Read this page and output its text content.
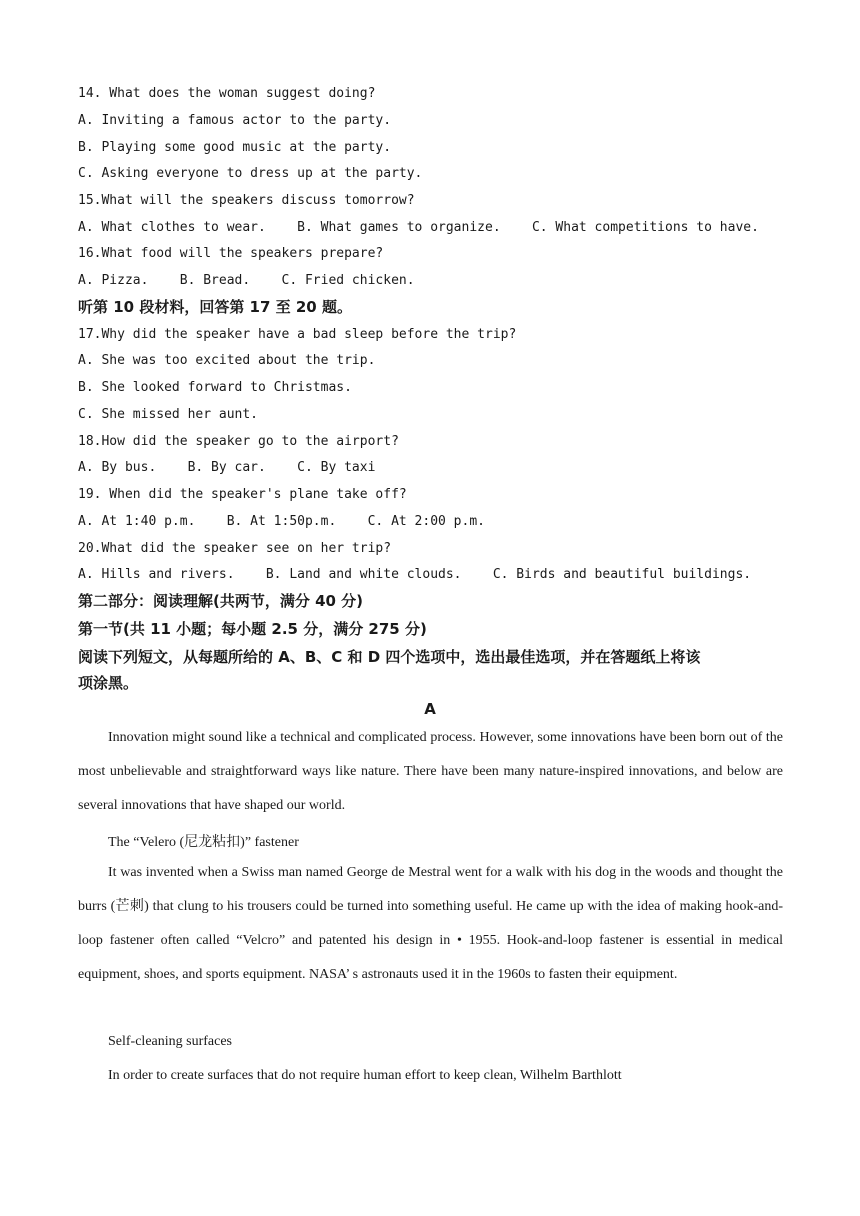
14. What does the woman suggest doing?
A. Inviting a famous actor to the party.
B. Playing some good music at the party.
C. Asking everyone to dress up at the party.
15.What will the speakers discuss tomorrow?
A. What clothes to wear.    B. What games to organize.    C. What competitions to have.
16.What food will the speakers prepare?
A. Pizza.    B. Bread.    C. Fried chicken.
听第 10 段材料，回答第 17 至 20 题。
17.Why did the speaker have a bad sleep before the trip?
A. She was too excited about the trip.
B. She looked forward to Christmas.
C. She missed her aunt.
18.How did the speaker go to the airport?
A. By bus.    B. By car.    C. By taxi
19. When did the speaker's plane take off?
A. At 1:40 p.m.    B. At 1:50p.m.    C. At 2:00 p.m.
20.What did the speaker see on her trip?
A. Hills and rivers.    B. Land and white clouds.    C. Birds and beautiful buildings.
第二部分：阅读理解(共两节，满分 40 分)
第一节(共 11 小题；每小题 2.5 分，满分 275 分)
阅读下列短文，从每题所给的 A、B、C 和 D 四个选项中，选出最佳选项，并在答题纸上将该
项涂黑。
A
Innovation might sound like a technical and complicated process. However, some innovations have been born out of the most unbelievable and straightforward ways like nature. There have been many nature-inspired innovations, and below are several innovations that have shaped our world.
The “Velero (尼龙粘扣)” fastener
It was invented when a Swiss man named George de Mestral went for a walk with his dog in the woods and thought the burrs (芒刺) that clung to his trousers could be turned into something useful. He came up with the idea of making hook-and-loop fastener often called “Velcro” and patented his design in • 1955. Hook-and-loop fastener is essential in medical equipment, shoes, and sports equipment. NASA’ s astronauts used it in the 1960s to fasten their equipment.
Self-cleaning surfaces
In order to create surfaces that do not require human effort to keep clean, Wilhelm Barthlott
